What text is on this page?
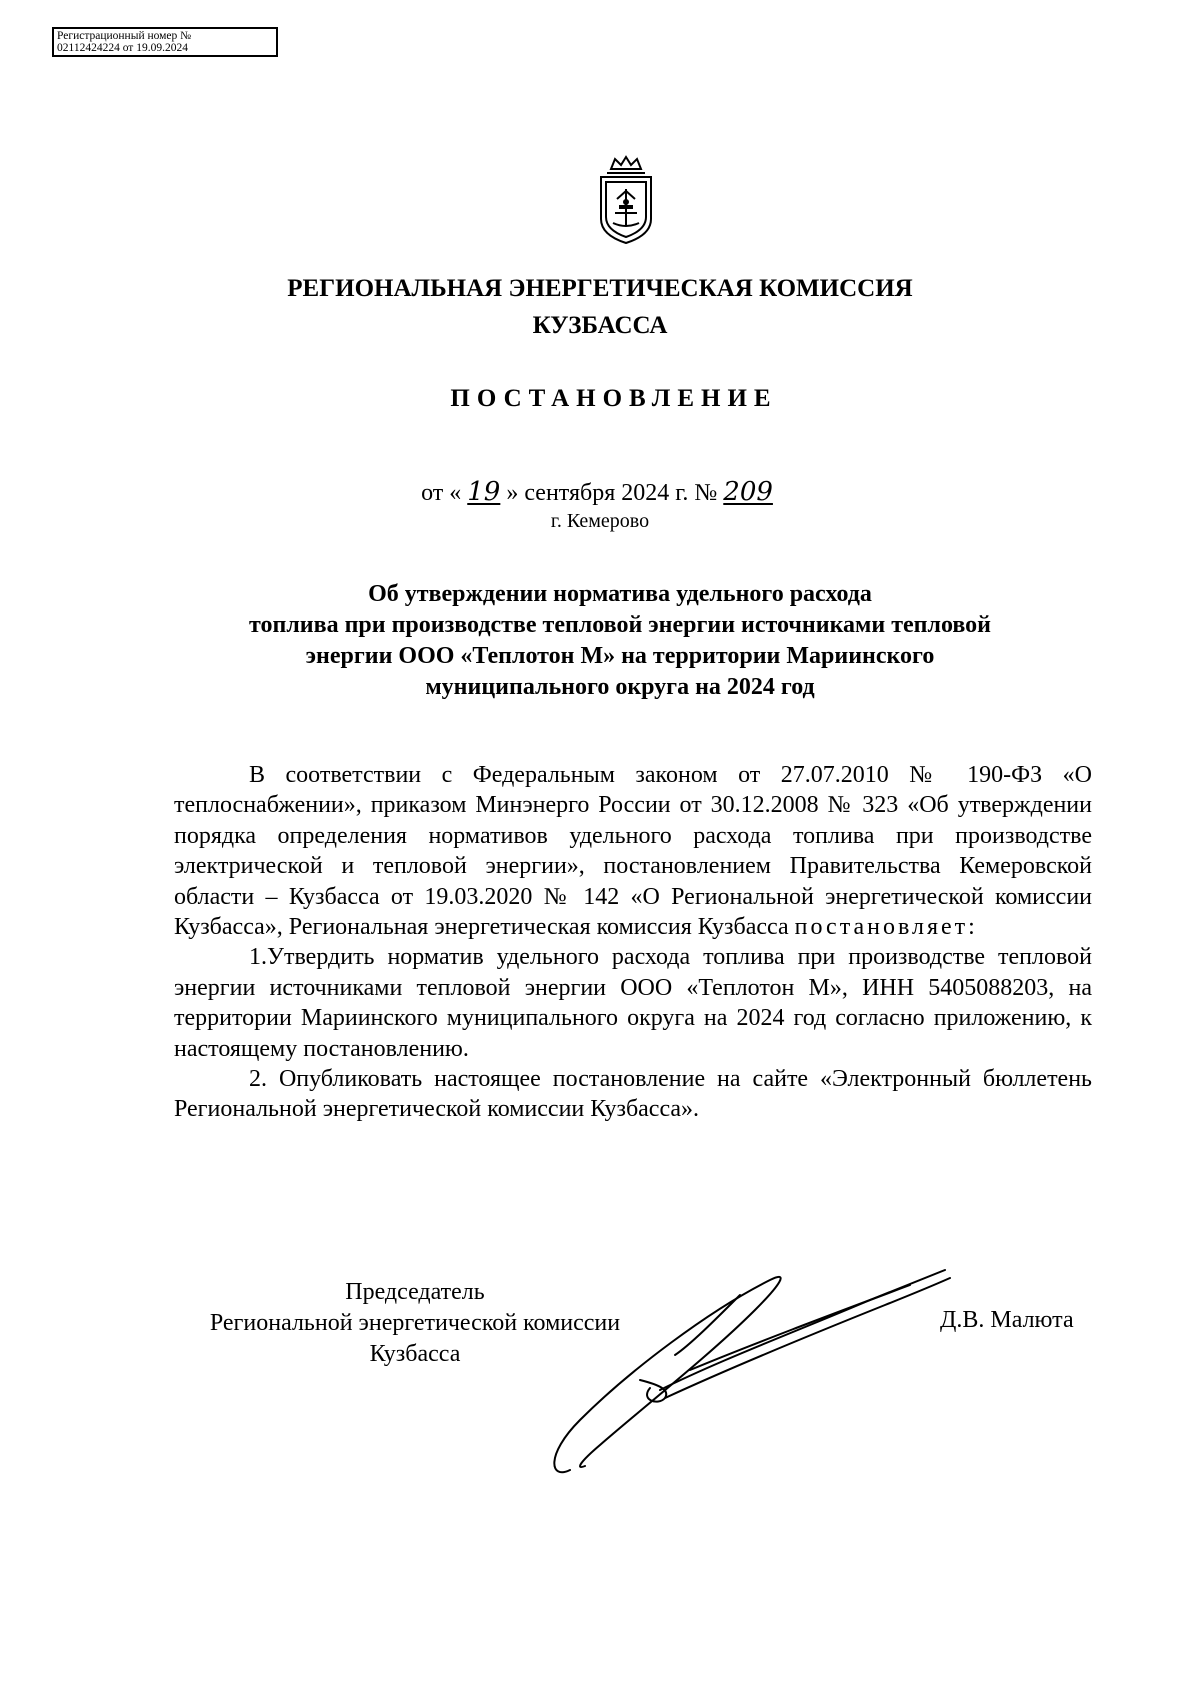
Регистрационный номер №
02112424224 от 19.09.2024
РЕГИОНАЛЬНАЯ ЭНЕРГЕТИЧЕСКАЯ КОМИССИЯ
КУЗБАССА
ПОСТАНОВЛЕНИЕ
от « 19 » сентября 2024 г. № 209
г. Кемерово
Об утверждении норматива удельного расхода
топлива при производстве тепловой энергии источниками тепловой
энергии ООО «Теплотон М» на территории Мариинского
муниципального округа на 2024 год

В соответствии с Федеральным законом от 27.07.2010 № 190-ФЗ «О теплоснабжении», приказом Минэнерго России от 30.12.2008 № 323 «Об утверждении порядка определения нормативов удельного расхода топлива при производстве электрической и тепловой энергии», постановлением Правительства Кемеровской области – Кузбасса от 19.03.2020 № 142 «О Региональной энергетической комиссии Кузбасса», Региональная энергетическая комиссия Кузбасса постановляет:

1.Утвердить норматив удельного расхода топлива при производстве тепловой энергии источниками тепловой энергии ООО «Теплотон М», ИНН 5405088203, на территории Мариинского муниципального округа на 2024 год согласно приложению, к настоящему постановлению.

2. Опубликовать настоящее постановление на сайте «Электронный бюллетень Региональной энергетической комиссии Кузбасса».

Председатель
Региональной энергетической комиссии
Кузбасса
Д.В. Малюта
